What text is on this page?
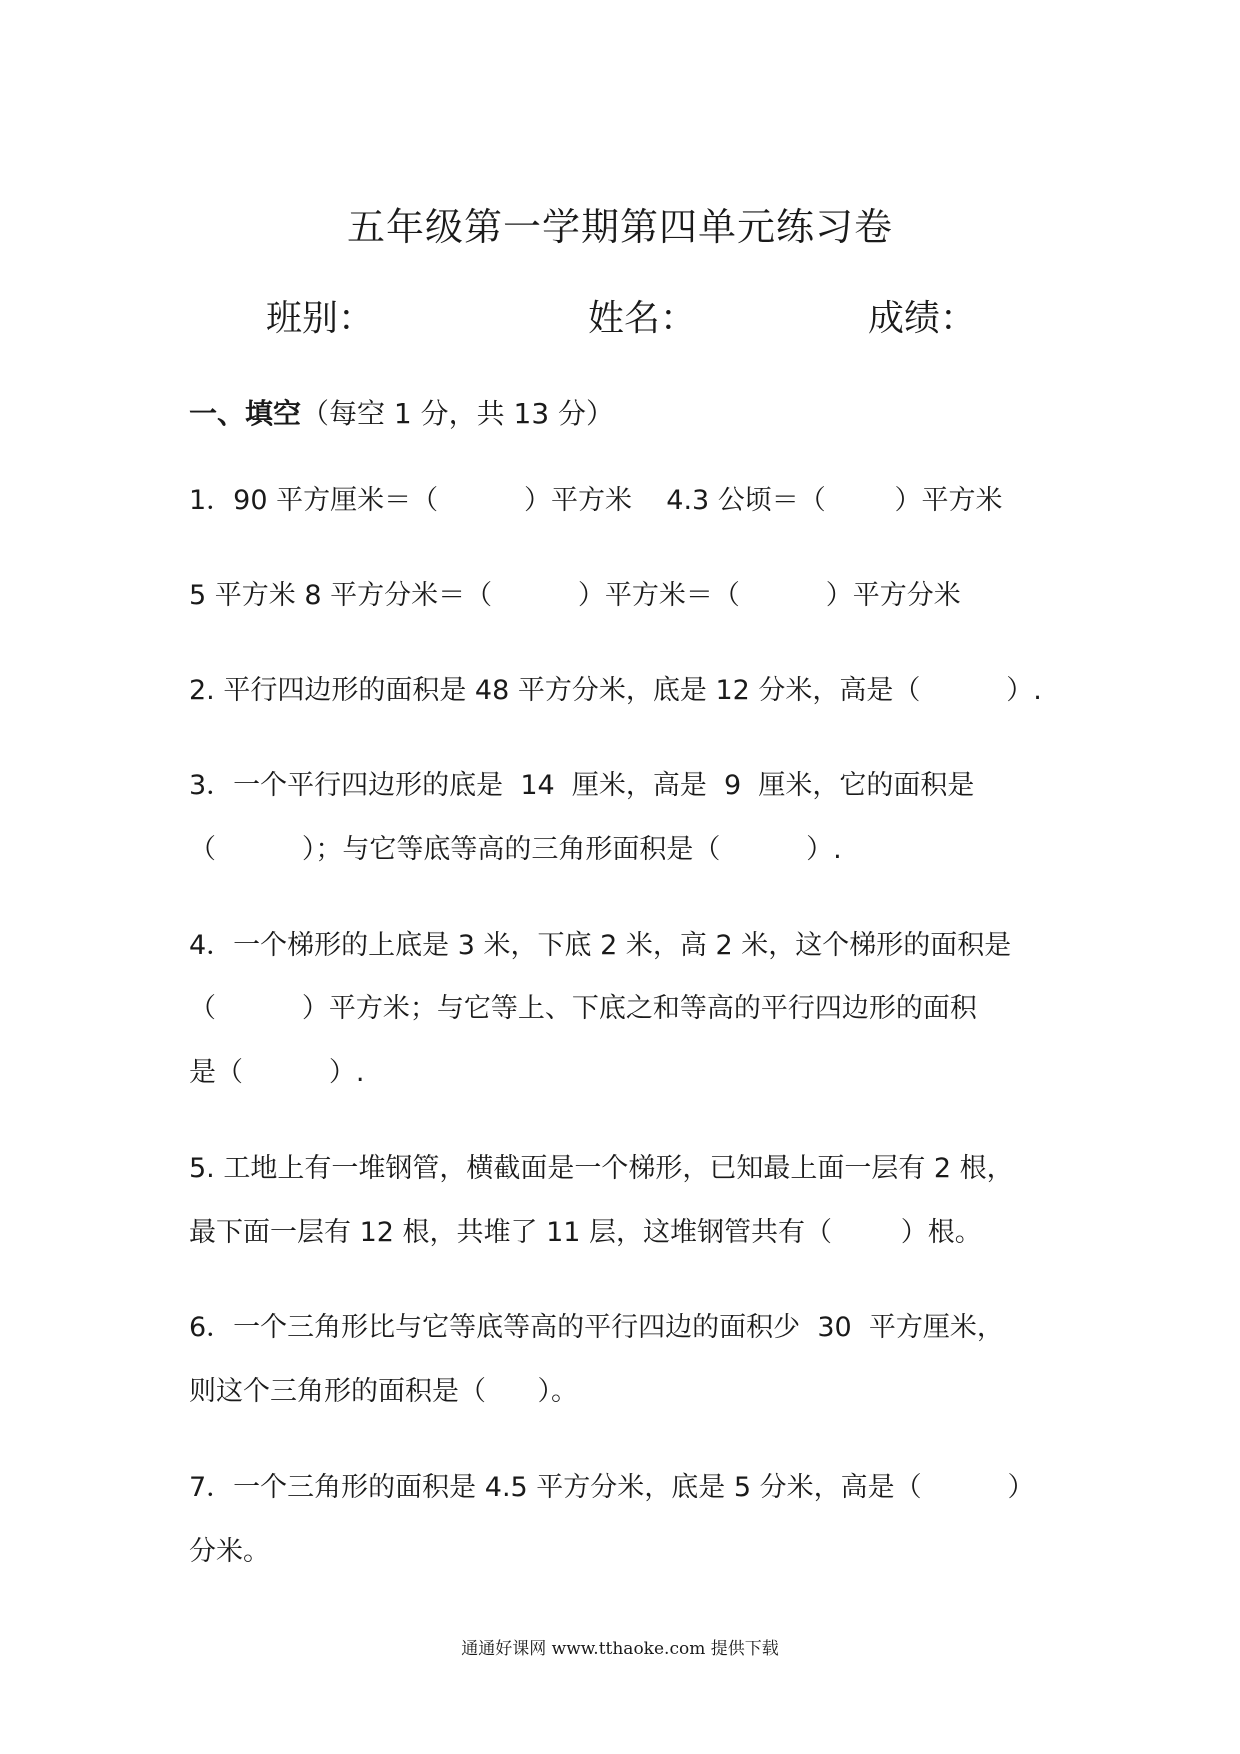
五年级第一学期第四单元练习卷
班别：	姓名：	成绩：
一、填空（每空 1 分，共 13 分）
1．90 平方厘米＝（          ）平方米    4.3 公顷＝（        ）平方米
5 平方米 8 平方分米＝（          ）平方米＝（          ）平方分米
2. 平行四边形的面积是 48 平方分米，底是 12 分米，高是（          ）.
3．一个平行四边形的底是  14  厘米，高是  9  厘米，它的面积是
（          ）；与它等底等高的三角形面积是（          ）.
4．一个梯形的上底是 3 米，下底 2 米，高 2 米，这个梯形的面积是
（          ）平方米；与它等上、下底之和等高的平行四边形的面积
是（          ）.
5. 工地上有一堆钢管，横截面是一个梯形，已知最上面一层有 2 根，
最下面一层有 12 根，共堆了 11 层，这堆钢管共有（        ）根。
6．一个三角形比与它等底等高的平行四边的面积少  30  平方厘米，
则这个三角形的面积是（      ）。
7．一个三角形的面积是 4.5 平方分米，底是 5 分米，高是（          ）
分米。
通通好课网 www.tthaoke.com 提供下载
